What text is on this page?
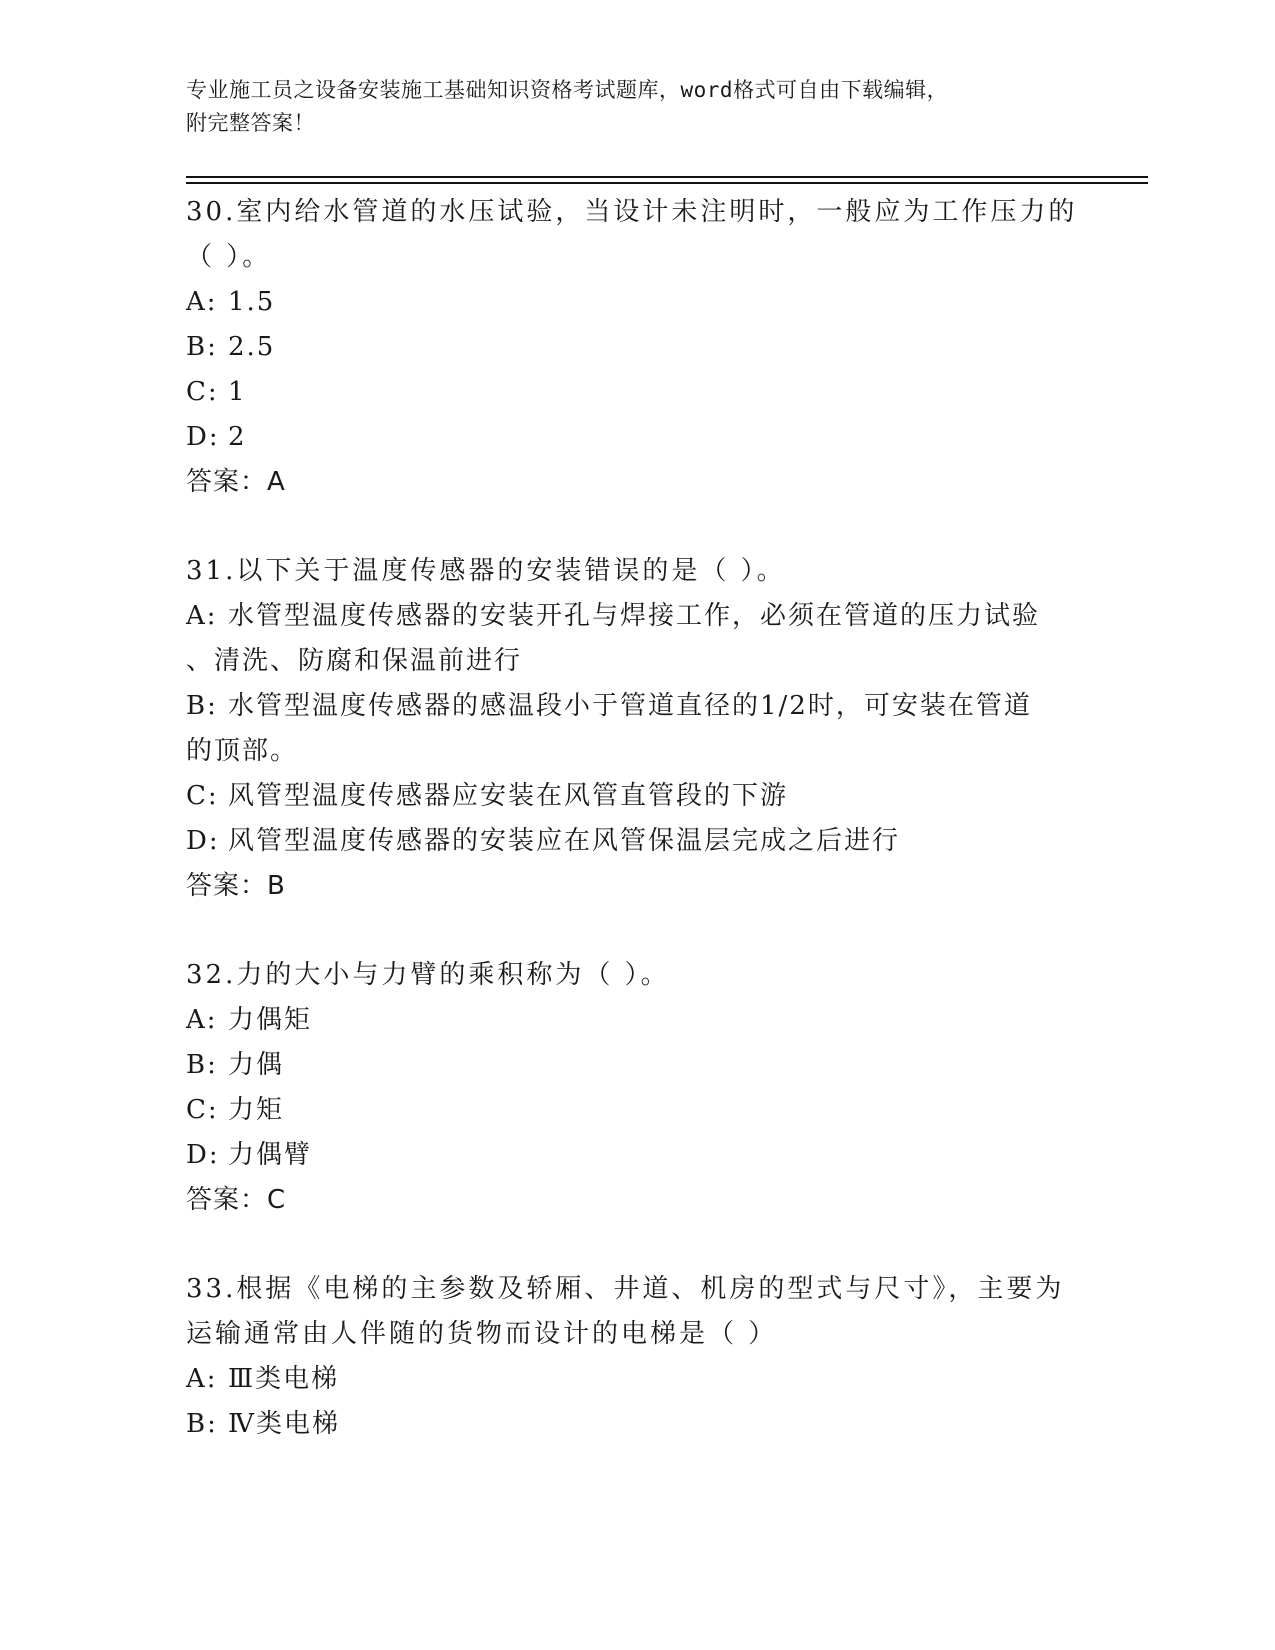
专业施工员之设备安装施工基础知识资格考试题库，word格式可自由下载编辑，
附完整答案！
30.室内给水管道的水压试验，当设计未注明时，一般应为工作压力的（ ）。
A: 1.5
B: 2.5
C: 1
D: 2
答案：A
31.以下关于温度传感器的安装错误的是（ ）。
A: 水管型温度传感器的安装开孔与焊接工作，必须在管道的压力试验
、清洗、防腐和保温前进行
B: 水管型温度传感器的感温段小于管道直径的1/2时，可安装在管道
的顶部。
C: 风管型温度传感器应安装在风管直管段的下游
D: 风管型温度传感器的安装应在风管保温层完成之后进行
答案：B
32.力的大小与力臂的乘积称为（ ）。
A: 力偶矩
B: 力偶
C: 力矩
D: 力偶臂
答案：C
33.根据《电梯的主参数及轿厢、井道、机房的型式与尺寸》，主要为运输通常由人伴随的货物而设计的电梯是（ ）
A: Ⅲ类电梯
B: Ⅳ类电梯
